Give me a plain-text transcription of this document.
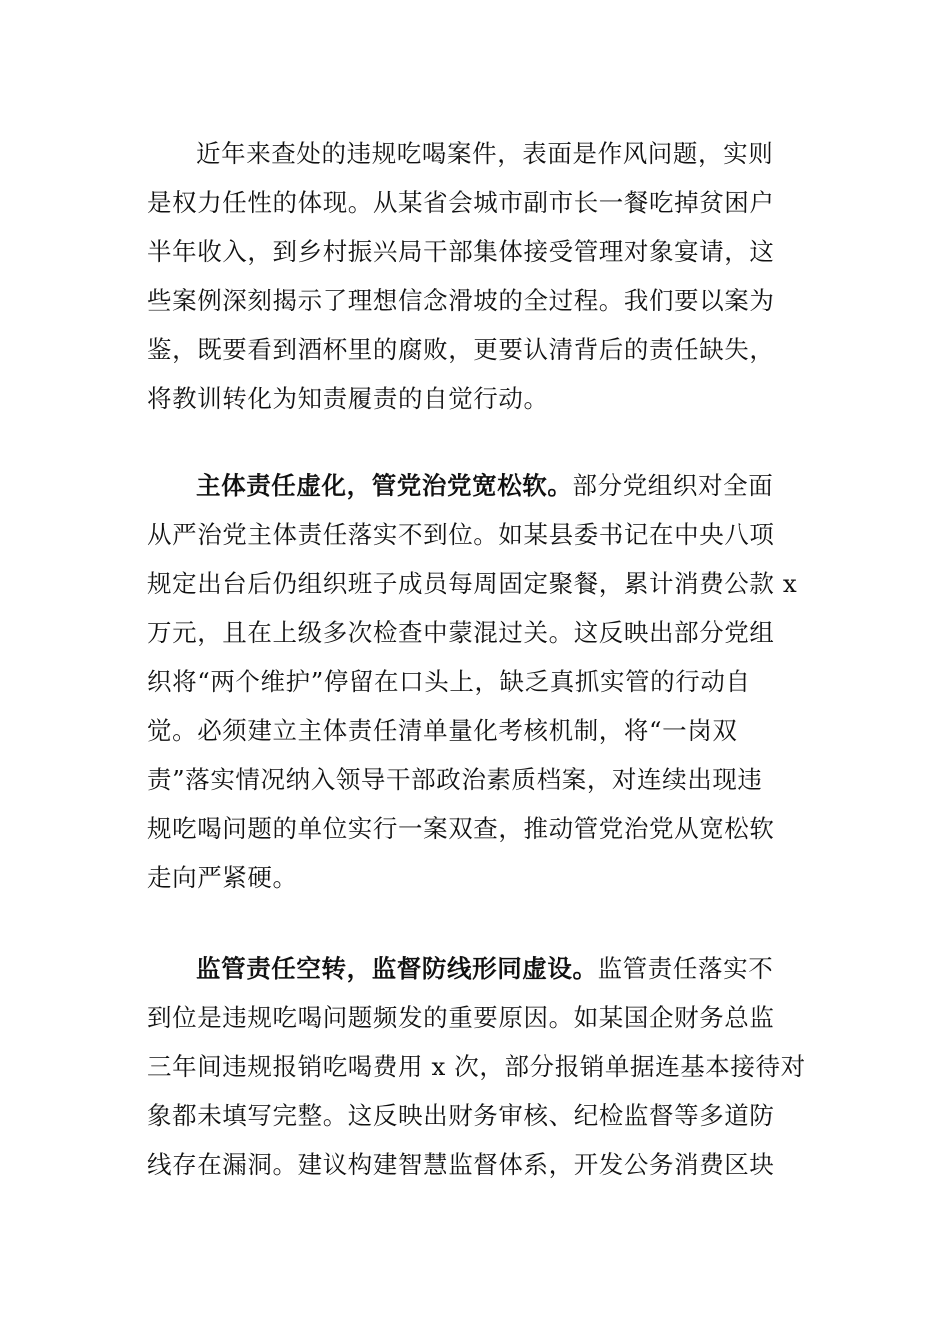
近年来查处的违规吃喝案件，表面是作风问题，实则
是权力任性的体现。从某省会城市副市长一餐吃掉贫困户
半年收入，到乡村振兴局干部集体接受管理对象宴请，这
些案例深刻揭示了理想信念滑坡的全过程。我们要以案为
鉴，既要看到酒杯里的腐败，更要认清背后的责任缺失，
将教训转化为知责履责的自觉行动。
主体责任虚化，管党治党宽松软。部分党组织对全面
从严治党主体责任落实不到位。如某县委书记在中央八项
规定出台后仍组织班子成员每周固定聚餐，累计消费公款 x
万元，且在上级多次检查中蒙混过关。这反映出部分党组
织将“两个维护”停留在口头上，缺乏真抓实管的行动自
觉。必须建立主体责任清单量化考核机制，将“一岗双
责”落实情况纳入领导干部政治素质档案，对连续出现违
规吃喝问题的单位实行一案双查，推动管党治党从宽松软
走向严紧硬。
监管责任空转，监督防线形同虚设。监管责任落实不
到位是违规吃喝问题频发的重要原因。如某国企财务总监
三年间违规报销吃喝费用 x 次，部分报销单据连基本接待对
象都未填写完整。这反映出财务审核、纪检监督等多道防
线存在漏洞。建议构建智慧监督体系，开发公务消费区块
